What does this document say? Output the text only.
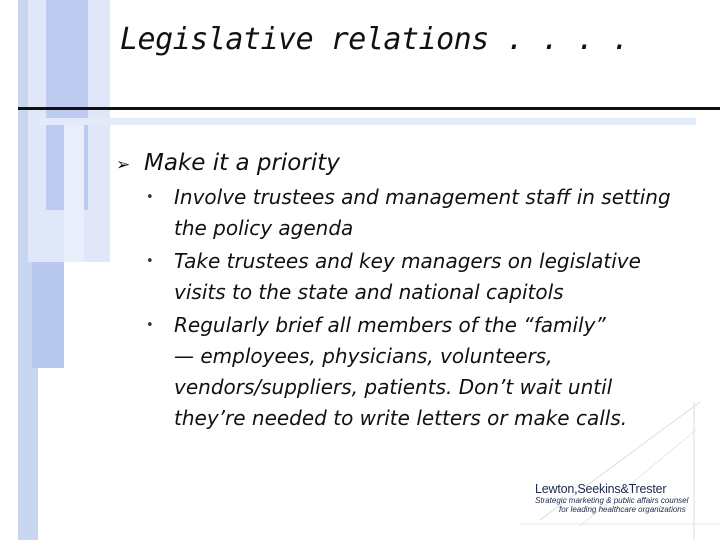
Legislative relations . . . .
➢ Make it a priority
•	Involve trustees and management staff in setting
the policy agenda
•	Take trustees and key managers on legislative
visits to the state and national capitols
•	Regularly brief all members of the “family”
— employees, physicians, volunteers,
vendors/suppliers, patients. Don’t wait until
they’re needed to write letters or make calls.
Lewton,Seekins&Trester
Strategic marketing & public affairs counsel
for leading healthcare organizations
